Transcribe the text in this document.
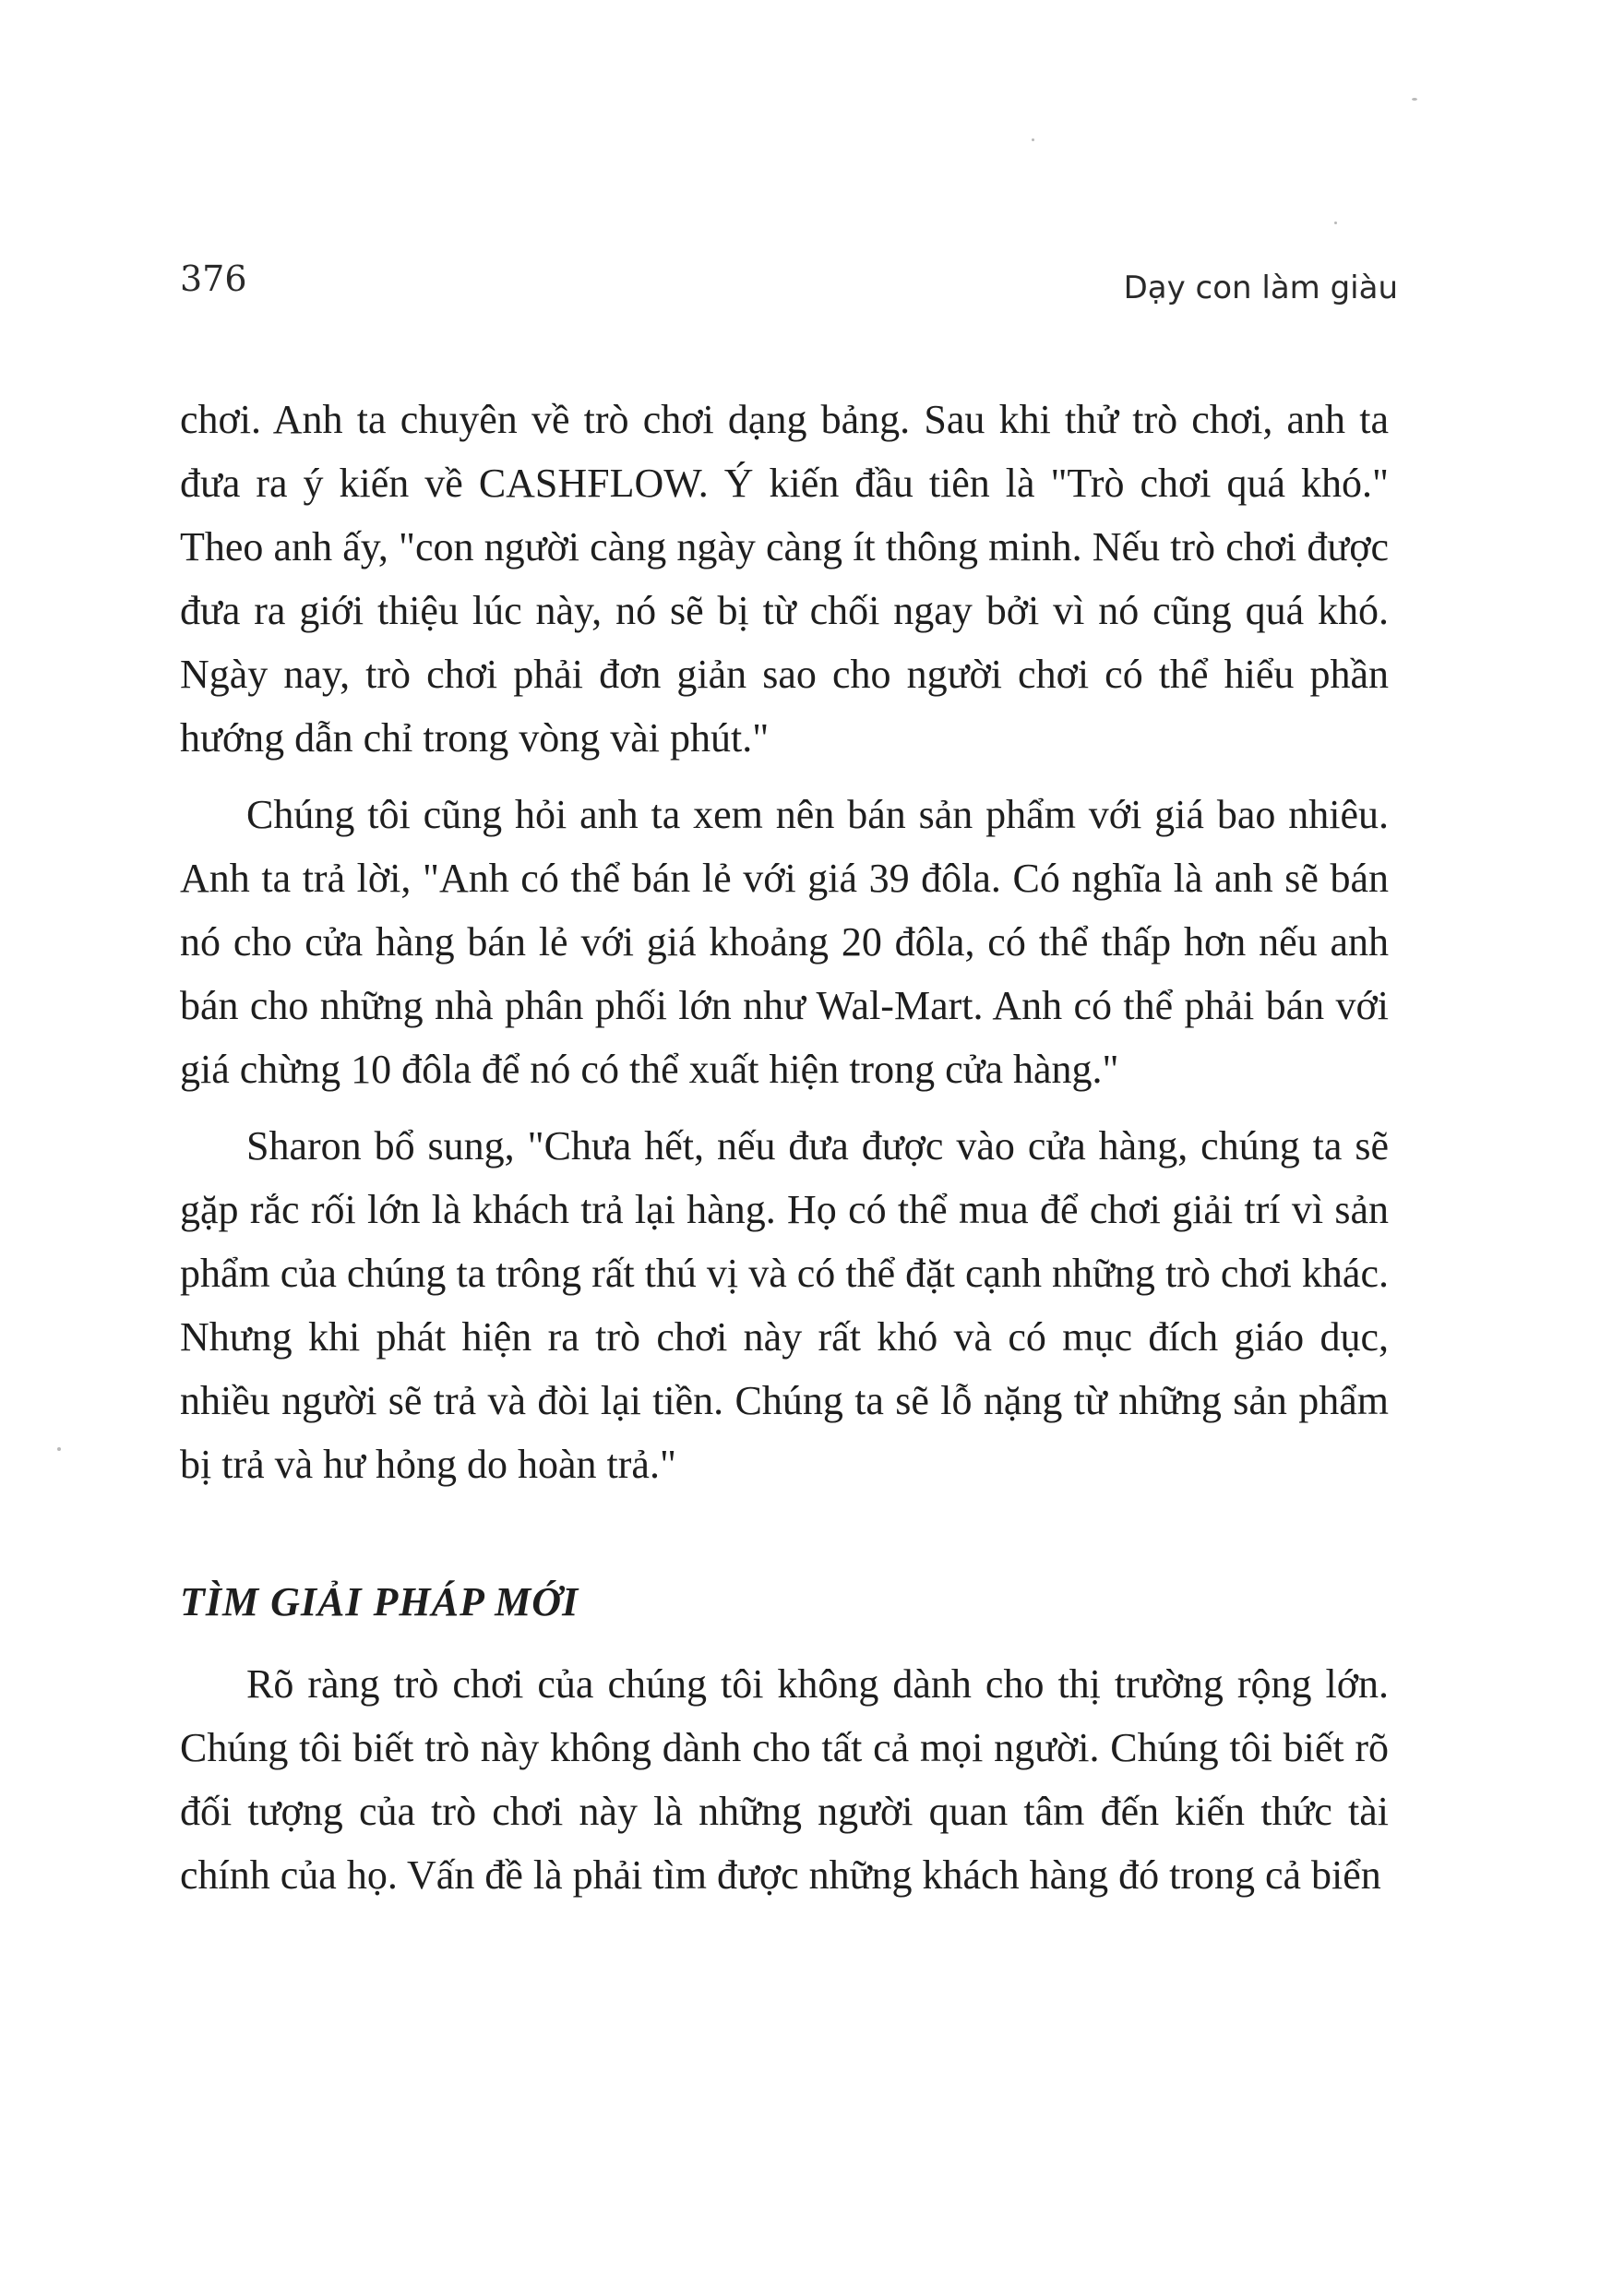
376	Dạy con làm giàu

chơi. Anh ta chuyên về trò chơi dạng bảng. Sau khi thử trò chơi, anh ta đưa ra ý kiến về CASHFLOW. Ý kiến đầu tiên là "Trò chơi quá khó." Theo anh ấy, "con người càng ngày càng ít thông minh. Nếu trò chơi được đưa ra giới thiệu lúc này, nó sẽ bị từ chối ngay bởi vì nó cũng quá khó. Ngày nay, trò chơi phải đơn giản sao cho người chơi có thể hiểu phần hướng dẫn chỉ trong vòng vài phút."

Chúng tôi cũng hỏi anh ta xem nên bán sản phẩm với giá bao nhiêu. Anh ta trả lời, "Anh có thể bán lẻ với giá 39 đôla. Có nghĩa là anh sẽ bán nó cho cửa hàng bán lẻ với giá khoảng 20 đôla, có thể thấp hơn nếu anh bán cho những nhà phân phối lớn như Wal-Mart. Anh có thể phải bán với giá chừng 10 đôla để nó có thể xuất hiện trong cửa hàng."

Sharon bổ sung, "Chưa hết, nếu đưa được vào cửa hàng, chúng ta sẽ gặp rắc rối lớn là khách trả lại hàng. Họ có thể mua để chơi giải trí vì sản phẩm của chúng ta trông rất thú vị và có thể đặt cạnh những trò chơi khác. Nhưng khi phát hiện ra trò chơi này rất khó và có mục đích giáo dục, nhiều người sẽ trả và đòi lại tiền. Chúng ta sẽ lỗ nặng từ những sản phẩm bị trả và hư hỏng do hoàn trả."

TÌM GIẢI PHÁP MỚI

Rõ ràng trò chơi của chúng tôi không dành cho thị trường rộng lớn. Chúng tôi biết trò này không dành cho tất cả mọi người. Chúng tôi biết rõ đối tượng của trò chơi này là những người quan tâm đến kiến thức tài chính của họ. Vấn đề là phải tìm được những khách hàng đó trong cả biển
